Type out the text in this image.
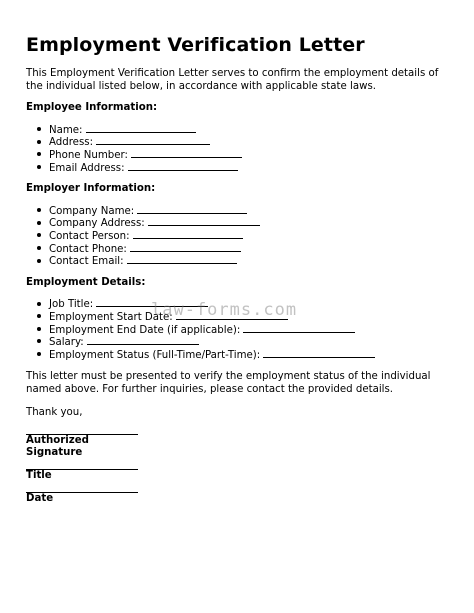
Employment Verification Letter

This Employment Verification Letter serves to confirm the employment details of the individual listed below, in accordance with applicable state laws.

Employee Information:

Name:
Address:
Phone Number:
Email Address:

Employer Information:

Company Name:
Company Address:
Contact Person:
Contact Phone:
Contact Email:

Employment Details:

Job Title:
Employment Start Date:
Employment End Date (if applicable):
Salary:
Employment Status (Full-Time/Part-Time):

This letter must be presented to verify the employment status of the individual named above. For further inquiries, please contact the provided details.

Thank you,

Authorized Signature
Title
Date
law-forms.com
